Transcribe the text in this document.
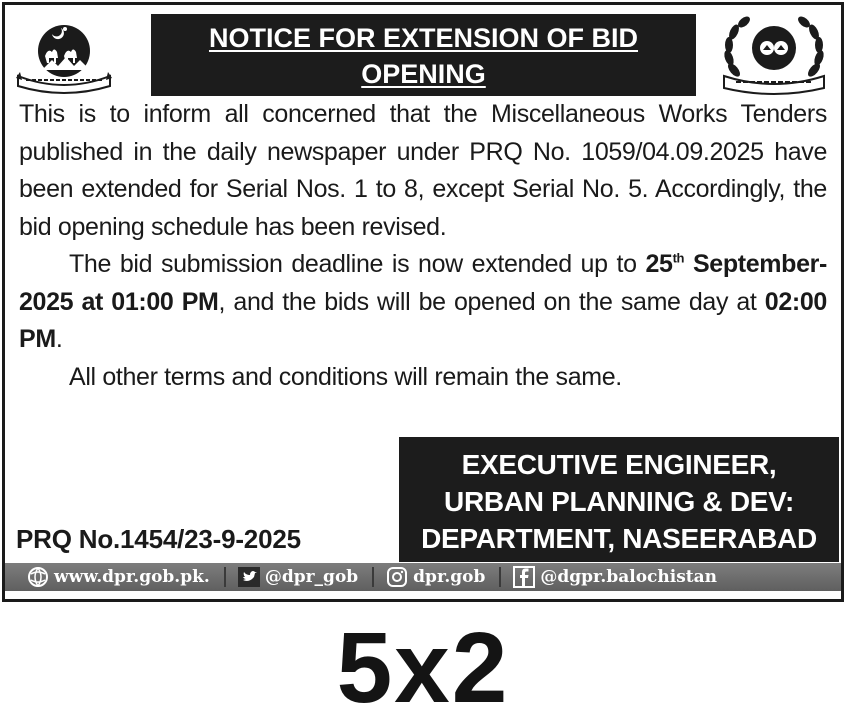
NOTICE FOR EXTENSION OF BID
OPENING

This is to inform all concerned that the Miscellaneous Works Tenders published in the daily newspaper under PRQ No. 1059/04.09.2025 have been extended for Serial Nos. 1 to 8, except Serial No. 5. Accordingly, the bid opening schedule has been revised.

The bid submission deadline is now extended up to 25th September- 2025 at 01:00 PM, and the bids will be opened on the same day at 02:00 PM.

All other terms and conditions will remain the same.

EXECUTIVE ENGINEER,
URBAN PLANNING & DEV:
DEPARTMENT, NASEERABAD
PRQ No.1454/23-9-2025
www.dpr.gob.pk.	@dpr_gob	dpr.gob	@dgpr.balochistan
5x2
